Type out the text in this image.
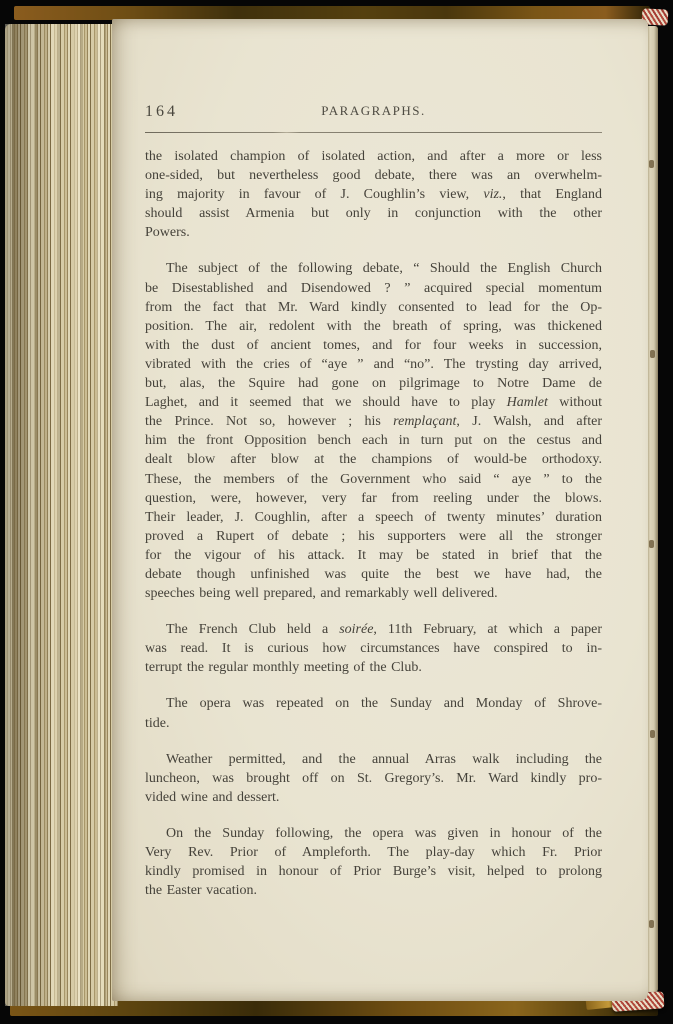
164	PARAGRAPHS.
the isolated champion of isolated action, and after a more or less
one-sided, but nevertheless good debate, there was an overwhelm-
ing majority in favour of J. Coughlin’s view, viz., that England
should assist Armenia but only in conjunction with the other
Powers.
The subject of the following debate, “ Should the English Church
be Disestablished and Disendowed ? ” acquired special momentum
from the fact that Mr. Ward kindly consented to lead for the Op-
position. The air, redolent with the breath of spring, was thickened
with the dust of ancient tomes, and for four weeks in succession,
vibrated with the cries of “aye ” and “no”. The trysting day arrived,
but, alas, the Squire had gone on pilgrimage to Notre Dame de
Laghet, and it seemed that we should have to play Hamlet without
the Prince. Not so, however ; his remplaçant, J. Walsh, and after
him the front Opposition bench each in turn put on the cestus and
dealt blow after blow at the champions of would-be orthodoxy.
These, the members of the Government who said “ aye ” to the
question, were, however, very far from reeling under the blows.
Their leader, J. Coughlin, after a speech of twenty minutes’ duration
proved a Rupert of debate ; his supporters were all the stronger
for the vigour of his attack. It may be stated in brief that the
debate though unfinished was quite the best we have had, the
speeches being well prepared, and remarkably well delivered.
The French Club held a soirée, 11th February, at which a paper
was read. It is curious how circumstances have conspired to in-
terrupt the regular monthly meeting of the Club.
The opera was repeated on the Sunday and Monday of Shrove-
tide.
Weather permitted, and the annual Arras walk including the
luncheon, was brought off on St. Gregory’s. Mr. Ward kindly pro-
vided wine and dessert.
On the Sunday following, the opera was given in honour of the
Very Rev. Prior of Ampleforth. The play-day which Fr. Prior
kindly promised in honour of Prior Burge’s visit, helped to prolong
the Easter vacation.
